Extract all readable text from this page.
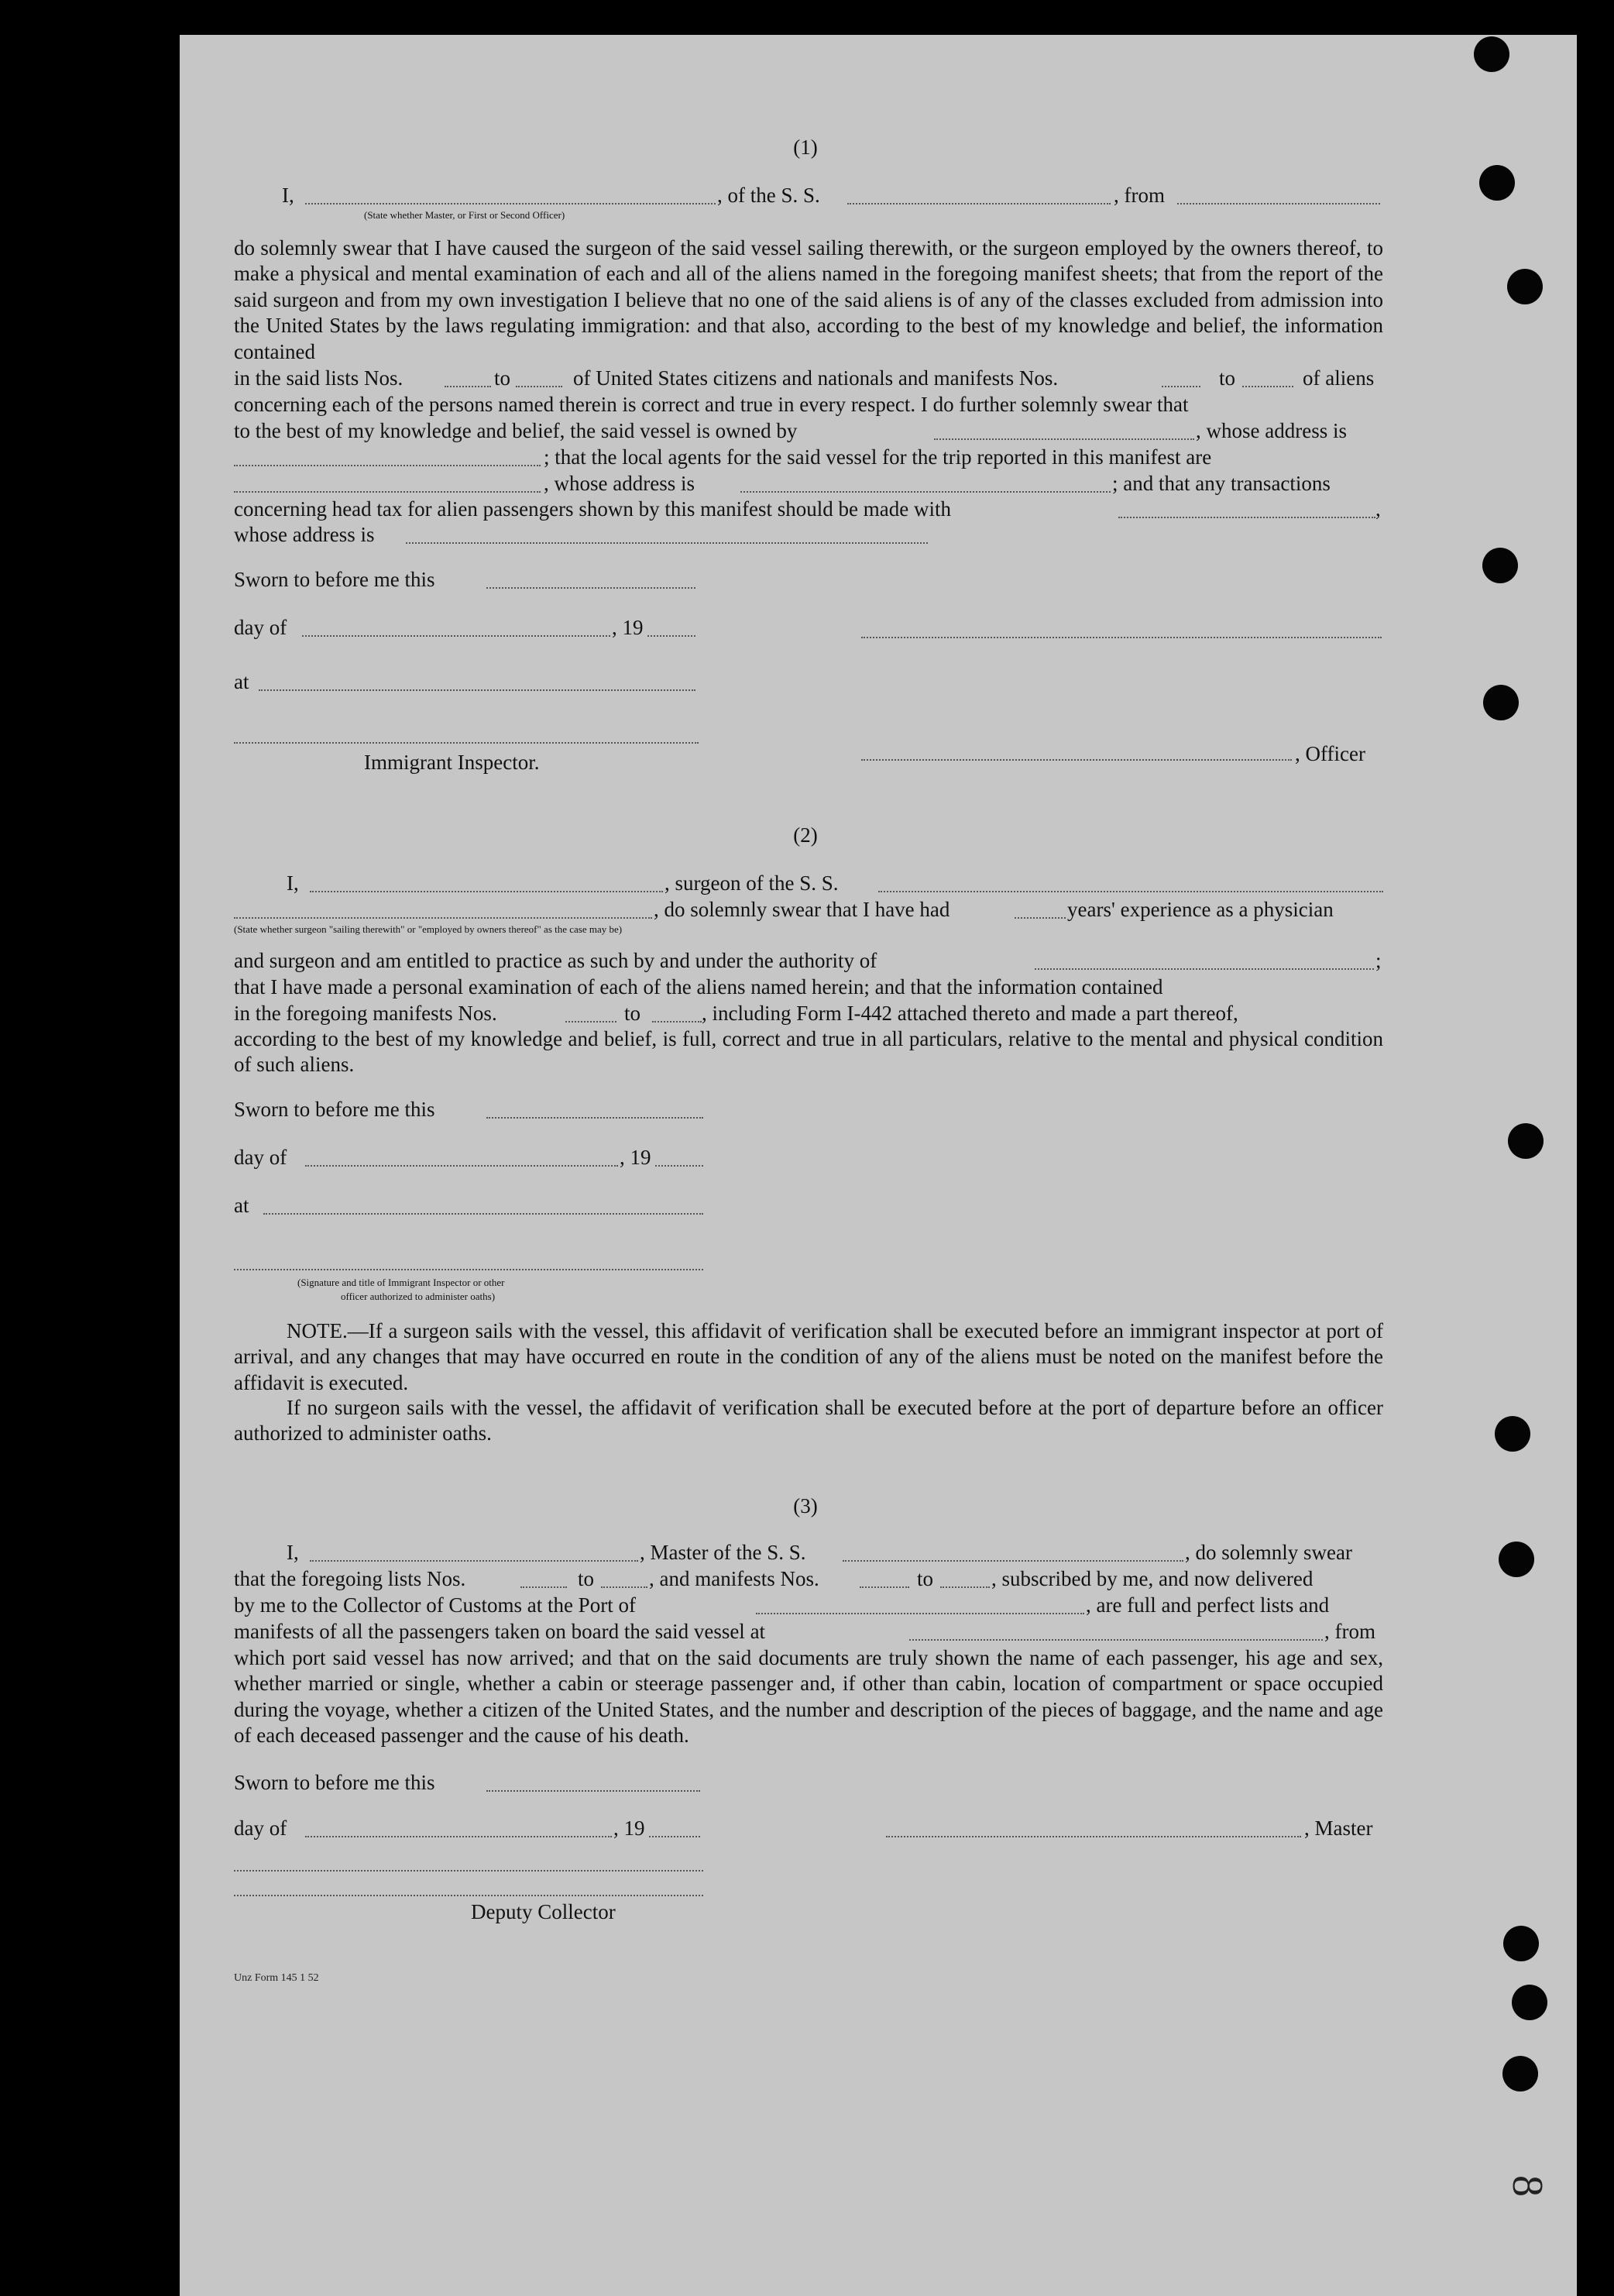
(1)
I,	, of the S. S.	, from
(State whether Master, or First or Second Officer)

do solemnly swear that I have caused the surgeon of the said vessel sailing therewith, or the surgeon employed by the owners thereof, to make a physical and mental examination of each and all of the aliens named in the foregoing manifest sheets; that from the report of the said surgeon and from my own investigation I believe that no one of the said aliens is of any of the classes excluded from admission into the United States by the laws regulating immigration: and that also, according to the best of my knowledge and belief, the information contained

in the said lists Nos.	to	of United States citizens and nationals and manifests Nos.	to	of aliens
concerning each of the persons named therein is correct and true in every respect. I do further solemnly swear that
to the best of my knowledge and belief, the said vessel is owned by	, whose address is
; that the local agents for the said vessel for the trip reported in this manifest are
, whose address is	; and that any transactions
concerning head tax for alien passengers shown by this manifest should be made with	,
whose address is
Sworn to before me this
day of	, 19
at
, Officer
Immigrant Inspector.
(2)
I,	, surgeon of the S. S.
, do solemnly swear that I have had	years' experience as a physician
(State whether surgeon "sailing therewith" or "employed by owners thereof" as the case may be)
and surgeon and am entitled to practice as such by and under the authority of	;
that I have made a personal examination of each of the aliens named herein; and that the information contained
in the foregoing manifests Nos.	to	, including Form I-442 attached thereto and made a part thereof,

according to the best of my knowledge and belief, is full, correct and true in all particulars, relative to the mental and physical condition of such aliens.

Sworn to before me this
day of	, 19
at
(Signature and title of Immigrant Inspector or other
officer authorized to administer oaths)

NOTE.—If a surgeon sails with the vessel, this affidavit of verification shall be executed before an immigrant inspector at port of arrival, and any changes that may have occurred en route in the condition of any of the aliens must be noted on the manifest before the affidavit is executed.

If no surgeon sails with the vessel, the affidavit of verification shall be executed before at the port of departure before an officer authorized to administer oaths.

(3)
I,	, Master of the S. S.	, do solemnly swear
that the foregoing lists Nos.	to	, and manifests Nos.	to	, subscribed by me, and now delivered
by me to the Collector of Customs at the Port of	, are full and perfect lists and
manifests of all the passengers taken on board the said vessel at	, from

which port said vessel has now arrived; and that on the said documents are truly shown the name of each passenger, his age and sex, whether married or single, whether a cabin or steerage passenger and, if other than cabin, location of compartment or space occupied during the voyage, whether a citizen of the United States, and the number and description of the pieces of baggage, and the name and age of each deceased passenger and the cause of his death.

Sworn to before me this
day of	, 19	, Master
Deputy Collector
Unz Form 145 1 52
8
